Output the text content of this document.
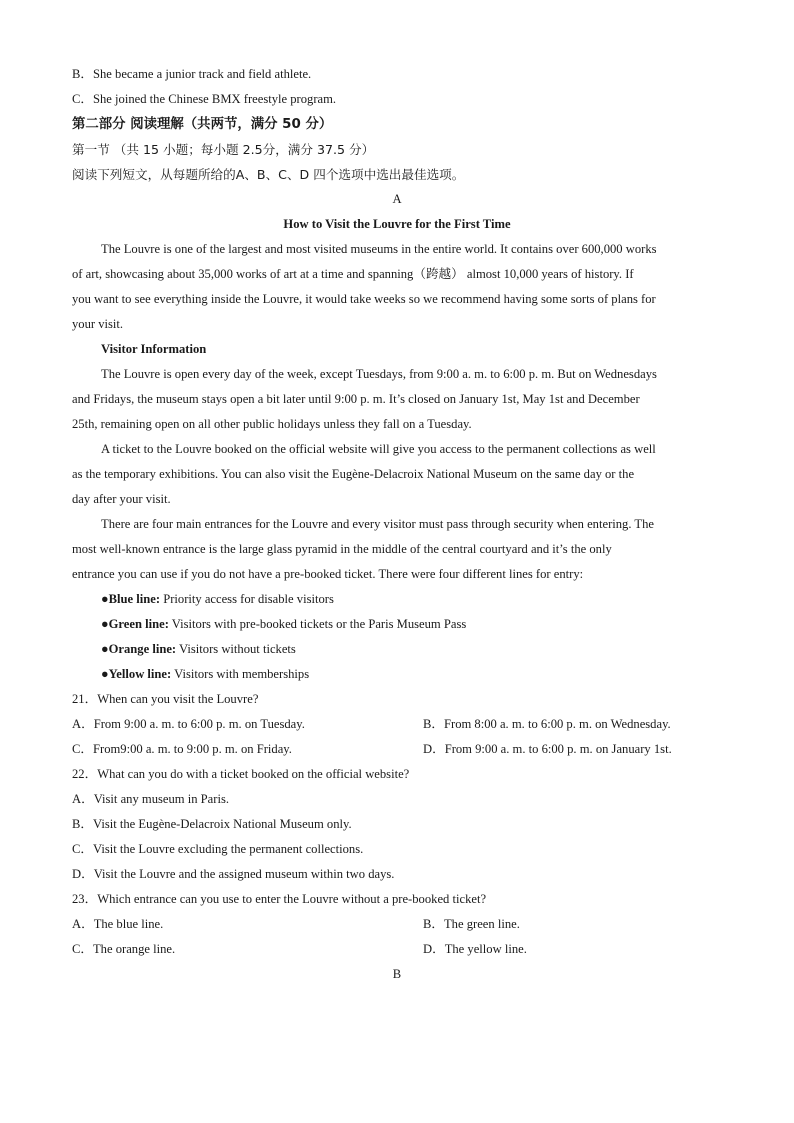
B．She became a junior track and field athlete.
C．She joined the Chinese BMX freestyle program.
第二部分 阅读理解（共两节，满分 50 分）
第一节 （共 15 小题；每小题 2.5分，满分 37.5 分）
阅读下列短文，从每题所给的A、B、C、D 四个选项中选出最佳选项。
A
How to Visit the Louvre for the First Time
The Louvre is one of the largest and most visited museums in the entire world. It contains over 600,000 works
of art, showcasing about 35,000 works of art at a time and spanning（跨越） almost 10,000 years of history. If
you want to see everything inside the Louvre, it would take weeks so we recommend having some sorts of plans for
your visit.
Visitor Information
The Louvre is open every day of the week, except Tuesdays, from 9:00 a. m. to 6:00 p. m. But on Wednesdays
and Fridays, the museum stays open a bit later until 9:00 p. m. It’s closed on January 1st, May 1st and December
25th, remaining open on all other public holidays unless they fall on a Tuesday.
A ticket to the Louvre booked on the official website will give you access to the permanent collections as well
as the temporary exhibitions. You can also visit the Eugène-Delacroix National Museum on the same day or the
day after your visit.
There are four main entrances for the Louvre and every visitor must pass through security when entering. The
most well-known entrance is the large glass pyramid in the middle of the central courtyard and it’s the only
entrance you can use if you do not have a pre-booked ticket. There were four different lines for entry:
●Blue line: Priority access for disable visitors
●Green line: Visitors with pre-booked tickets or the Paris Museum Pass
●Orange line: Visitors without tickets
●Yellow line: Visitors with memberships
21．When can you visit the Louvre?
A．From 9:00 a. m. to 6:00 p. m. on Tuesday.	B．From 8:00 a. m. to 6:00 p. m. on Wednesday.
C．From9:00 a. m. to 9:00 p. m. on Friday.	D．From 9:00 a. m. to 6:00 p. m. on January 1st.
22．What can you do with a ticket booked on the official website?
A．Visit any museum in Paris.
B．Visit the Eugène-Delacroix National Museum only.
C．Visit the Louvre excluding the permanent collections.
D．Visit the Louvre and the assigned museum within two days.
23．Which entrance can you use to enter the Louvre without a pre-booked ticket?
A．The blue line.	B．The green line.
C．The orange line.	D．The yellow line.
B
